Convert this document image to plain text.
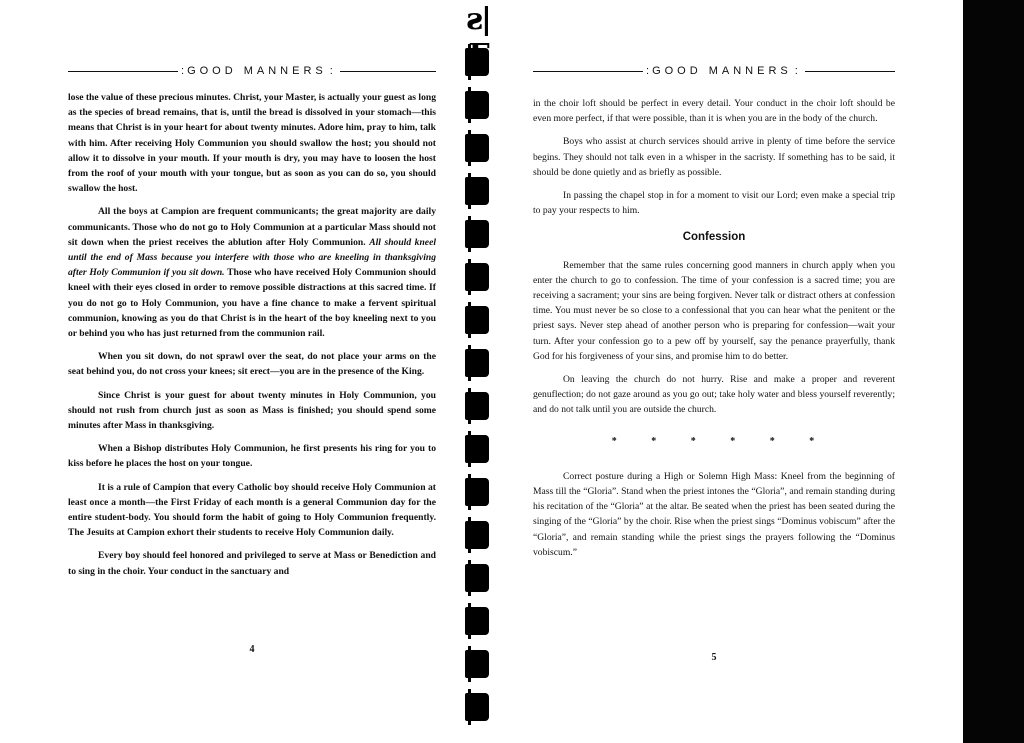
: GOOD MANNERS :

lose the value of these precious minutes. Christ, your Master, is actually your guest as long as the species of bread remains, that is, until the bread is dissolved in your stomach—this means that Christ is in your heart for about twenty minutes. Adore him, pray to him, talk with him. After receiving Holy Communion you should swallow the host; you should not allow it to dissolve in your mouth. If your mouth is dry, you may have to loosen the host from the roof of your mouth with your tongue, but as soon as you can do so, you should swallow the host.

All the boys at Campion are frequent communicants; the great majority are daily communicants. Those who do not go to Holy Communion at a particular Mass should not sit down when the priest receives the ablution after Holy Communion. All should kneel until the end of Mass because you interfere with those who are kneeling in thanksgiving after Holy Communion if you sit down. Those who have received Holy Communion should kneel with their eyes closed in order to remove possible distractions at this sacred time. If you do not go to Holy Communion, you have a fine chance to make a fervent spiritual communion, knowing as you do that Christ is in the heart of the boy kneeling next to you or behind you who has just returned from the communion rail.

When you sit down, do not sprawl over the seat, do not place your arms on the seat behind you, do not cross your knees; sit erect—you are in the presence of the King.

Since Christ is your guest for about twenty minutes in Holy Communion, you should not rush from church just as soon as Mass is finished; you should spend some minutes after Mass in thanksgiving.

When a Bishop distributes Holy Communion, he first presents his ring for you to kiss before he places the host on your tongue.

It is a rule of Campion that every Catholic boy should receive Holy Communion at least once a month—the First Friday of each month is a general Communion day for the entire student-body. You should form the habit of going to Holy Communion frequently. The Jesuits at Campion exhort their students to receive Holy Communion daily.

Every boy should feel honored and privileged to serve at Mass or Benediction and to sing in the choir. Your conduct in the sanctuary and

4
ƨ|
: GOOD MANNERS :

in the choir loft should be perfect in every detail. Your conduct in the choir loft should be even more perfect, if that were possible, than it is when you are in the body of the church.

Boys who assist at church services should arrive in plenty of time before the service begins. They should not talk even in a whisper in the sacristy. If something has to be said, it should be done quietly and as briefly as possible.

In passing the chapel stop in for a moment to visit our Lord; even make a special trip to pay your respects to him.

Confession

Remember that the same rules concerning good manners in church apply when you enter the church to go to confession. The time of your confession is a sacred time; you are receiving a sacrament; your sins are being forgiven. Never talk or distract others at confession time. You must never be so close to a confessional that you can hear what the penitent or the priest says. Never step ahead of another person who is preparing for confession—wait your turn. After your confession go to a pew off by yourself, say the penance prayerfully, thank God for his forgiveness of your sins, and promise him to do better.

On leaving the church do not hurry. Rise and make a proper and reverent genuflection; do not gaze around as you go out; take holy water and bless yourself reverently; and do not talk until you are outside the church.

* * * * * *

Correct posture during a High or Solemn High Mass: Kneel from the beginning of Mass till the “Gloria”. Stand when the priest intones the “Gloria”, and remain standing during his recitation of the “Gloria” at the altar. Be seated when the priest has been seated during the singing of the “Gloria” by the choir. Rise when the priest sings “Dominus vobiscum” after the “Gloria”, and remain standing while the priest sings the prayers following the “Dominus vobiscum.”

5
